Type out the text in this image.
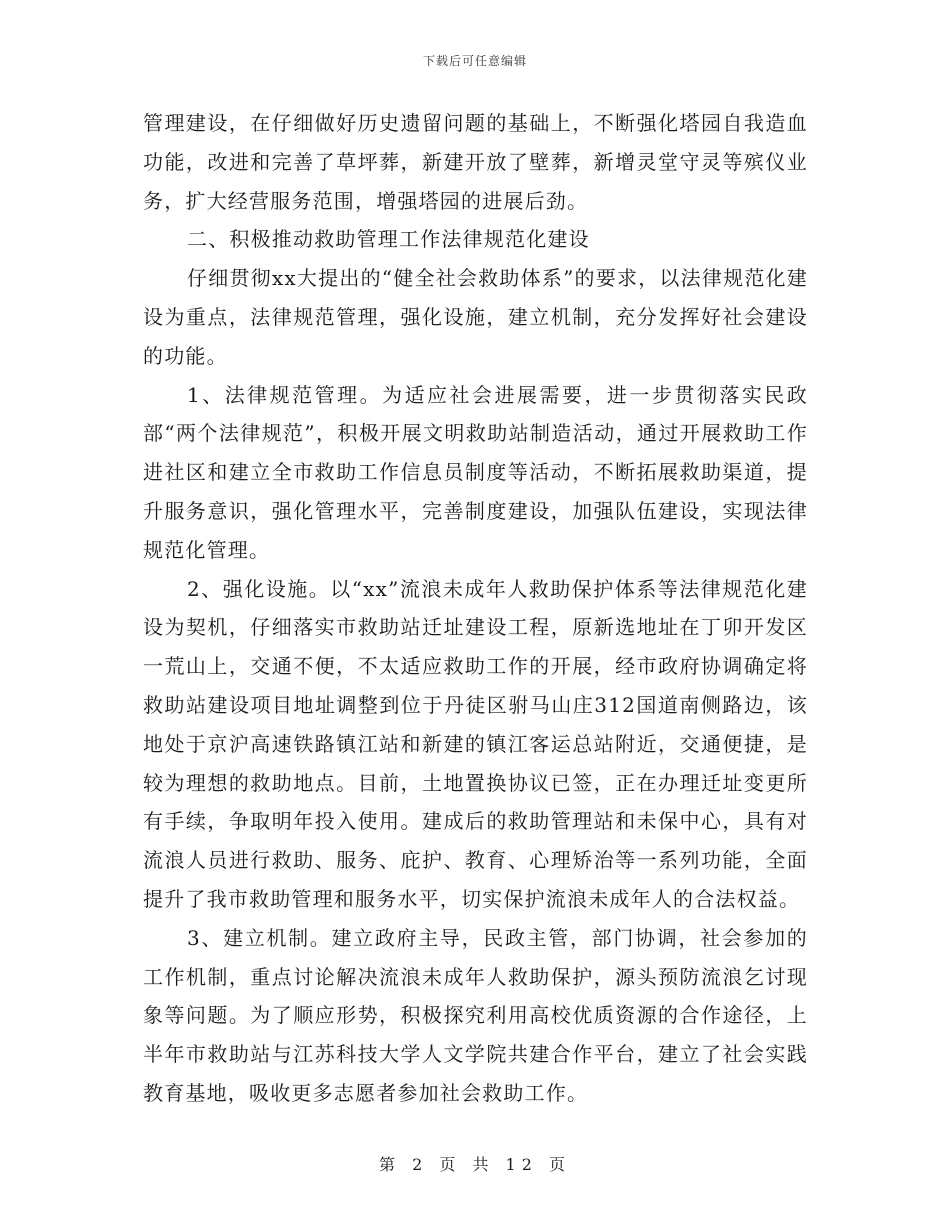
下载后可任意编辑

管理建设，在仔细做好历史遗留问题的基础上，不断强化塔园自我造血功能，改进和完善了草坪葬，新建开放了壁葬，新增灵堂守灵等殡仪业务，扩大经营服务范围，增强塔园的进展后劲。

二、积极推动救助管理工作法律规范化建设

仔细贯彻xx大提出的“健全社会救助体系”的要求，以法律规范化建设为重点，法律规范管理，强化设施，建立机制，充分发挥好社会建设的功能。

1、法律规范管理。为适应社会进展需要，进一步贯彻落实民政部“两个法律规范”，积极开展文明救助站制造活动，通过开展救助工作进社区和建立全市救助工作信息员制度等活动，不断拓展救助渠道，提升服务意识，强化管理水平，完善制度建设，加强队伍建设，实现法律规范化管理。

2、强化设施。以“xx”流浪未成年人救助保护体系等法律规范化建设为契机，仔细落实市救助站迁址建设工程，原新选地址在丁卯开发区一荒山上，交通不便，不太适应救助工作的开展，经市政府协调确定将救助站建设项目地址调整到位于丹徒区驸马山庄312国道南侧路边，该地处于京沪高速铁路镇江站和新建的镇江客运总站附近，交通便捷，是较为理想的救助地点。目前，土地置换协议已签，正在办理迁址变更所有手续，争取明年投入使用。建成后的救助管理站和未保中心，具有对流浪人员进行救助、服务、庇护、教育、心理矫治等一系列功能，全面提升了我市救助管理和服务水平，切实保护流浪未成年人的合法权益。

3、建立机制。建立政府主导，民政主管，部门协调，社会参加的工作机制，重点讨论解决流浪未成年人救助保护，源头预防流浪乞讨现象等问题。为了顺应形势，积极探究利用高校优质资源的合作途径，上半年市救助站与江苏科技大学人文学院共建合作平台，建立了社会实践教育基地，吸收更多志愿者参加社会救助工作。

第 2 页 共 12 页
